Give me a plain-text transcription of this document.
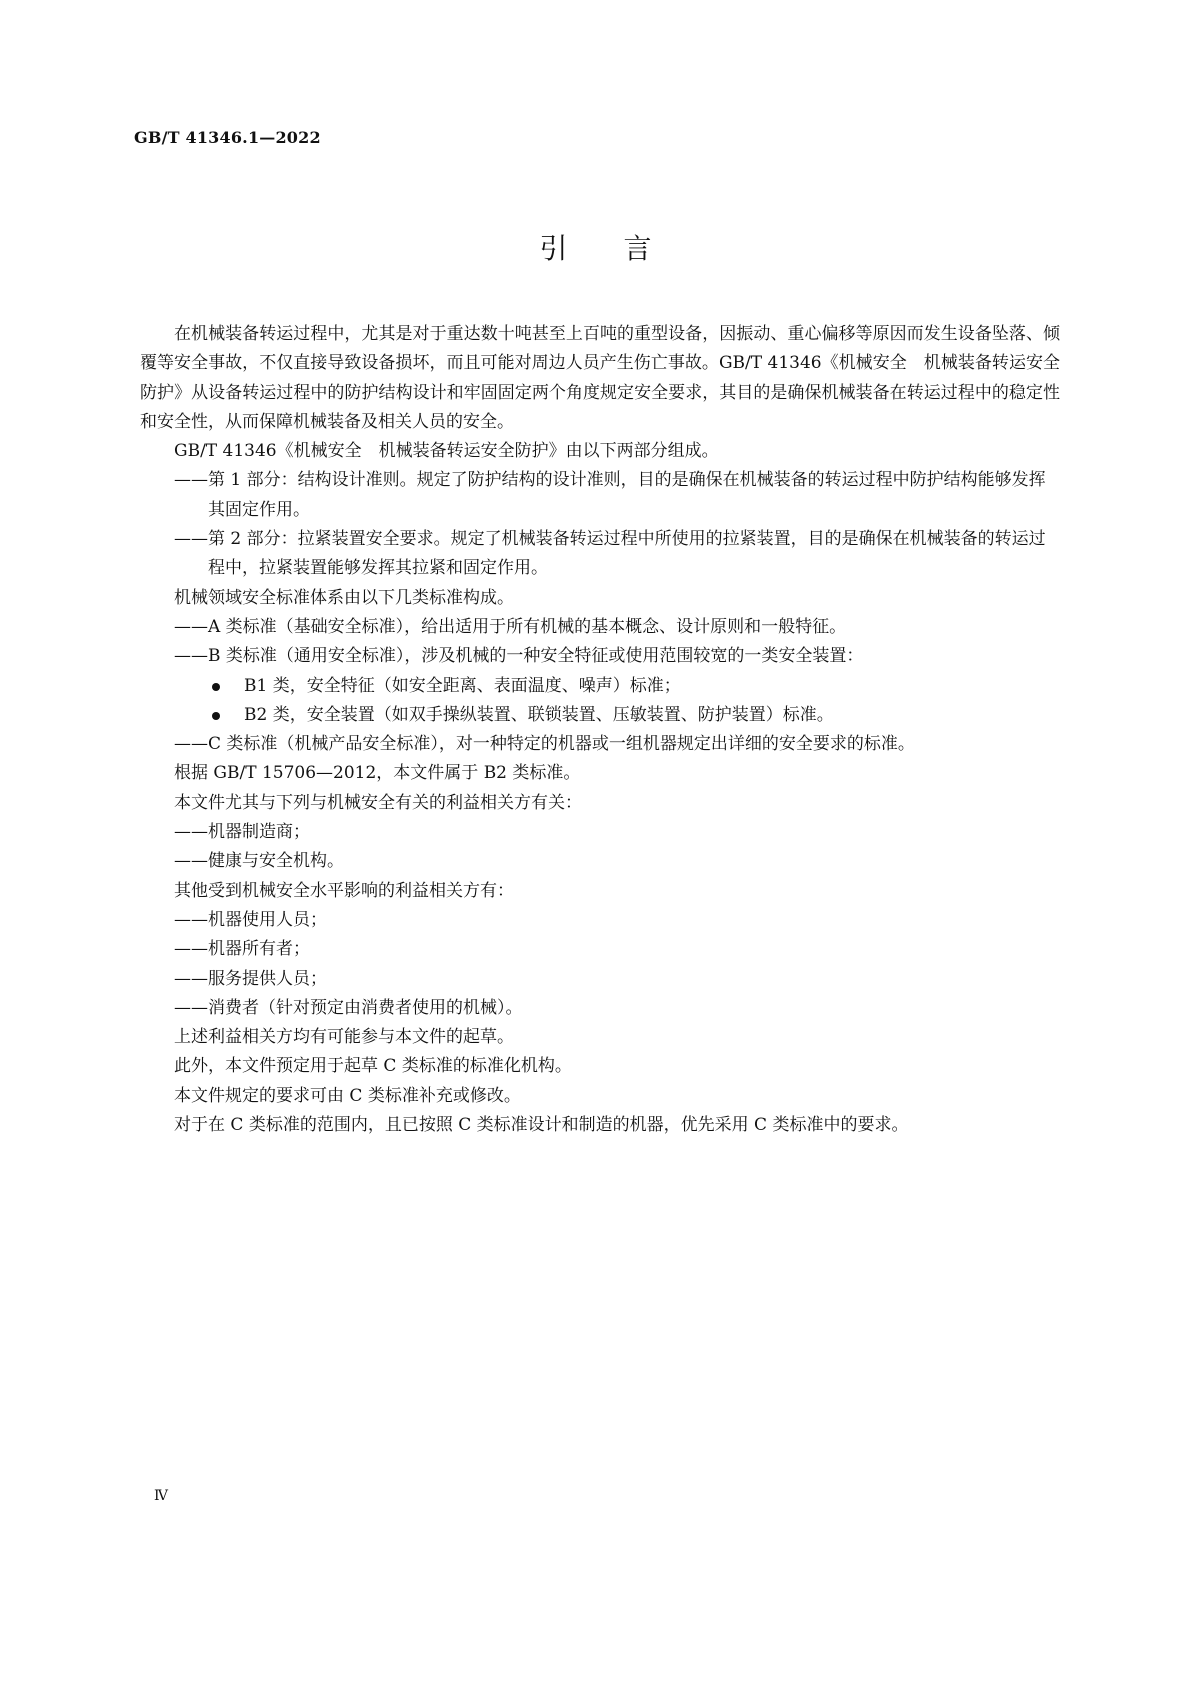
GB/T 41346.1—2022
引言

在机械装备转运过程中，尤其是对于重达数十吨甚至上百吨的重型设备，因振动、重心偏移等原因而发生设备坠落、倾覆等安全事故，不仅直接导致设备损坏，而且可能对周边人员产生伤亡事故。GB/T 41346《机械安全　机械装备转运安全防护》从设备转运过程中的防护结构设计和牢固固定两个角度规定安全要求，其目的是确保机械装备在转运过程中的稳定性和安全性，从而保障机械装备及相关人员的安全。

GB/T 41346《机械安全　机械装备转运安全防护》由以下两部分组成。

——第 1 部分：结构设计准则。规定了防护结构的设计准则，目的是确保在机械装备的转运过程中防护结构能够发挥其固定作用。

——第 2 部分：拉紧装置安全要求。规定了机械装备转运过程中所使用的拉紧装置，目的是确保在机械装备的转运过程中，拉紧装置能够发挥其拉紧和固定作用。

机械领域安全标准体系由以下几类标准构成。

——A 类标准（基础安全标准），给出适用于所有机械的基本概念、设计原则和一般特征。

——B 类标准（通用安全标准），涉及机械的一种安全特征或使用范围较宽的一类安全装置：

B1 类，安全特征（如安全距离、表面温度、噪声）标准；

B2 类，安全装置（如双手操纵装置、联锁装置、压敏装置、防护装置）标准。

——C 类标准（机械产品安全标准），对一种特定的机器或一组机器规定出详细的安全要求的标准。

根据 GB/T 15706—2012，本文件属于 B2 类标准。

本文件尤其与下列与机械安全有关的利益相关方有关：

——机器制造商；

——健康与安全机构。

其他受到机械安全水平影响的利益相关方有：

——机器使用人员；

——机器所有者；

——服务提供人员；

——消费者（针对预定由消费者使用的机械）。

上述利益相关方均有可能参与本文件的起草。

此外，本文件预定用于起草 C 类标准的标准化机构。

本文件规定的要求可由 C 类标准补充或修改。

对于在 C 类标准的范围内，且已按照 C 类标准设计和制造的机器，优先采用 C 类标准中的要求。

Ⅳ
